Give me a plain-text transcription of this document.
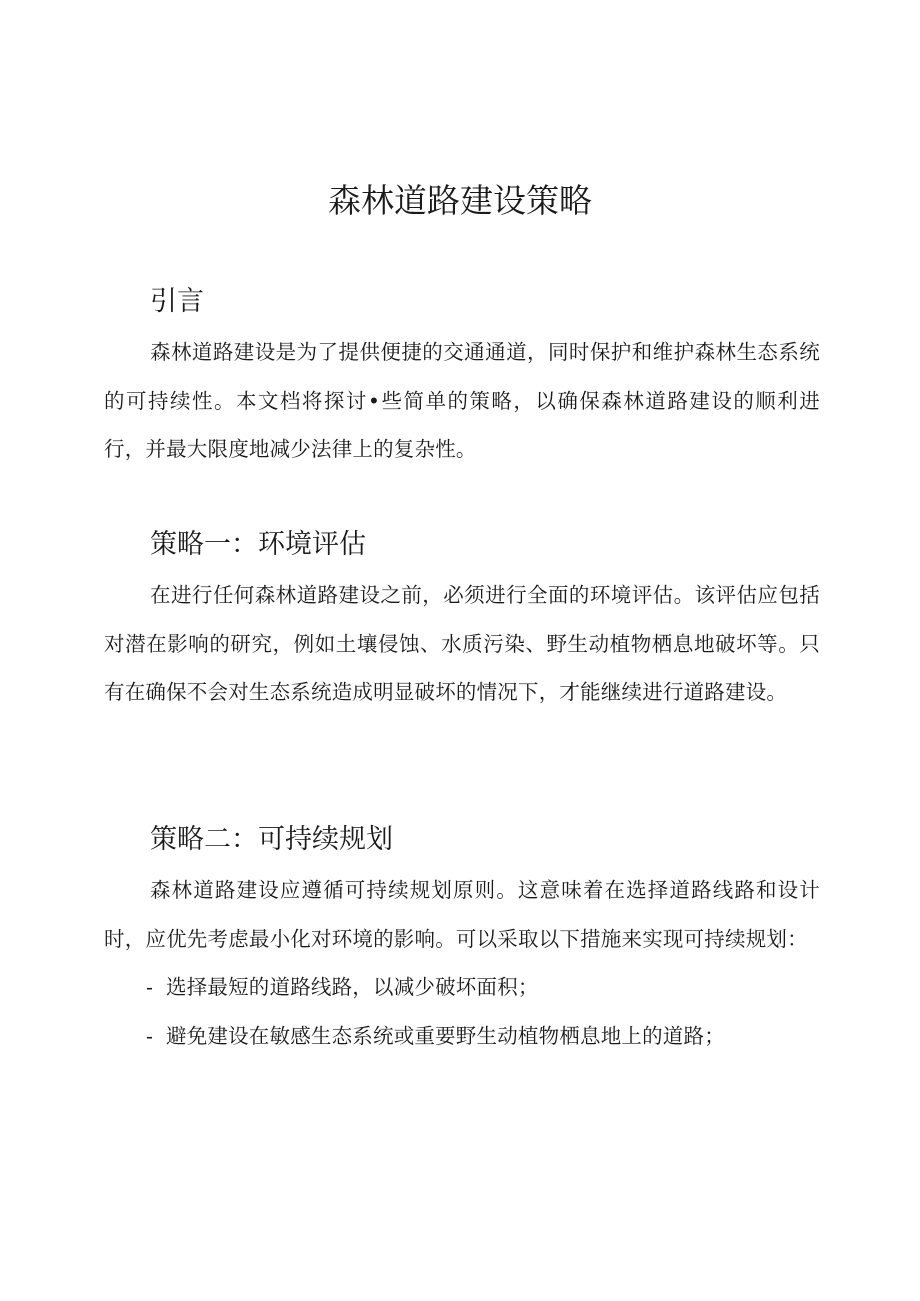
森林道路建设策略
引言

森林道路建设是为了提供便捷的交通通道，同时保护和维护森林生态系统的可持续性。本文档将探讨•些简单的策略，以确保森林道路建设的顺利进行，并最大限度地减少法律上的复杂性。

策略一：环境评估

在进行任何森林道路建设之前，必须进行全面的环境评估。该评估应包括对潜在影响的研究，例如土壤侵蚀、水质污染、野生动植物栖息地破坏等。只有在确保不会对生态系统造成明显破坏的情况下，才能继续进行道路建设。

策略二：可持续规划

森林道路建设应遵循可持续规划原则。这意味着在选择道路线路和设计时，应优先考虑最小化对环境的影响。可以采取以下措施来实现可持续规划：

- 选择最短的道路线路，以减少破坏面积；
- 避免建设在敏感生态系统或重要野生动植物栖息地上的道路；
